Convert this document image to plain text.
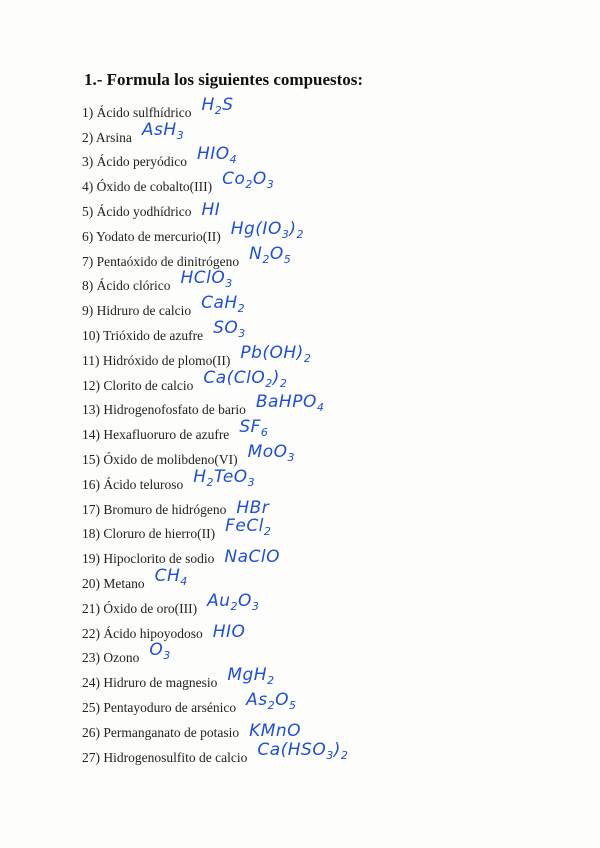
1.- Formula los siguientes compuestos:
1) Ácido sulfhídrico $H_2S$
2) Arsina AsH$_3$
3) Ácido peryódico $HIO_4$
4) Óxido de cobalto(III) $Co_2O_3$
5) Ácido yodhídrico HI
6) Yodato de mercurio(II) $Hg(IO_3)_2$
7) Pentaóxido de dinitrógeno $N_2O_5$
8) Ácido clórico HClO$_3$
9) Hidruro de calcio CaH$_2$
10) Trióxido de azufre $SO_3$
11) Hidróxido de plomo(II) $Pb(OH)_2$
12) Clorito de calcio $Ca(ClO_2)_2$
13) Hidrogenofosfato de bario BaHPO$_4$
14) Hexafluoruro de azufre $SF_6$
15) Óxido de molibdeno(VI) MoO$_3$
16) Ácido teluroso $H_2TeO_3$
17) Bromuro de hidrógeno HBr
18) Cloruro de hierro(II) FeCl$_2$
19) Hipoclorito de sodio NaClO
20) Metano $CH_4$
21) Óxido de oro(III) $Au_2O_3$
22) Ácido hipoyodoso HIO
23) Ozono $O_3$
24) Hidruro de magnesio MgH$_2$
25) Pentayoduro de arsénico $As_2O_5$
26) Permanganato de potasio KMnO
27) Hidrogenosulfito de calcio $Ca(HSO_3)_2$
